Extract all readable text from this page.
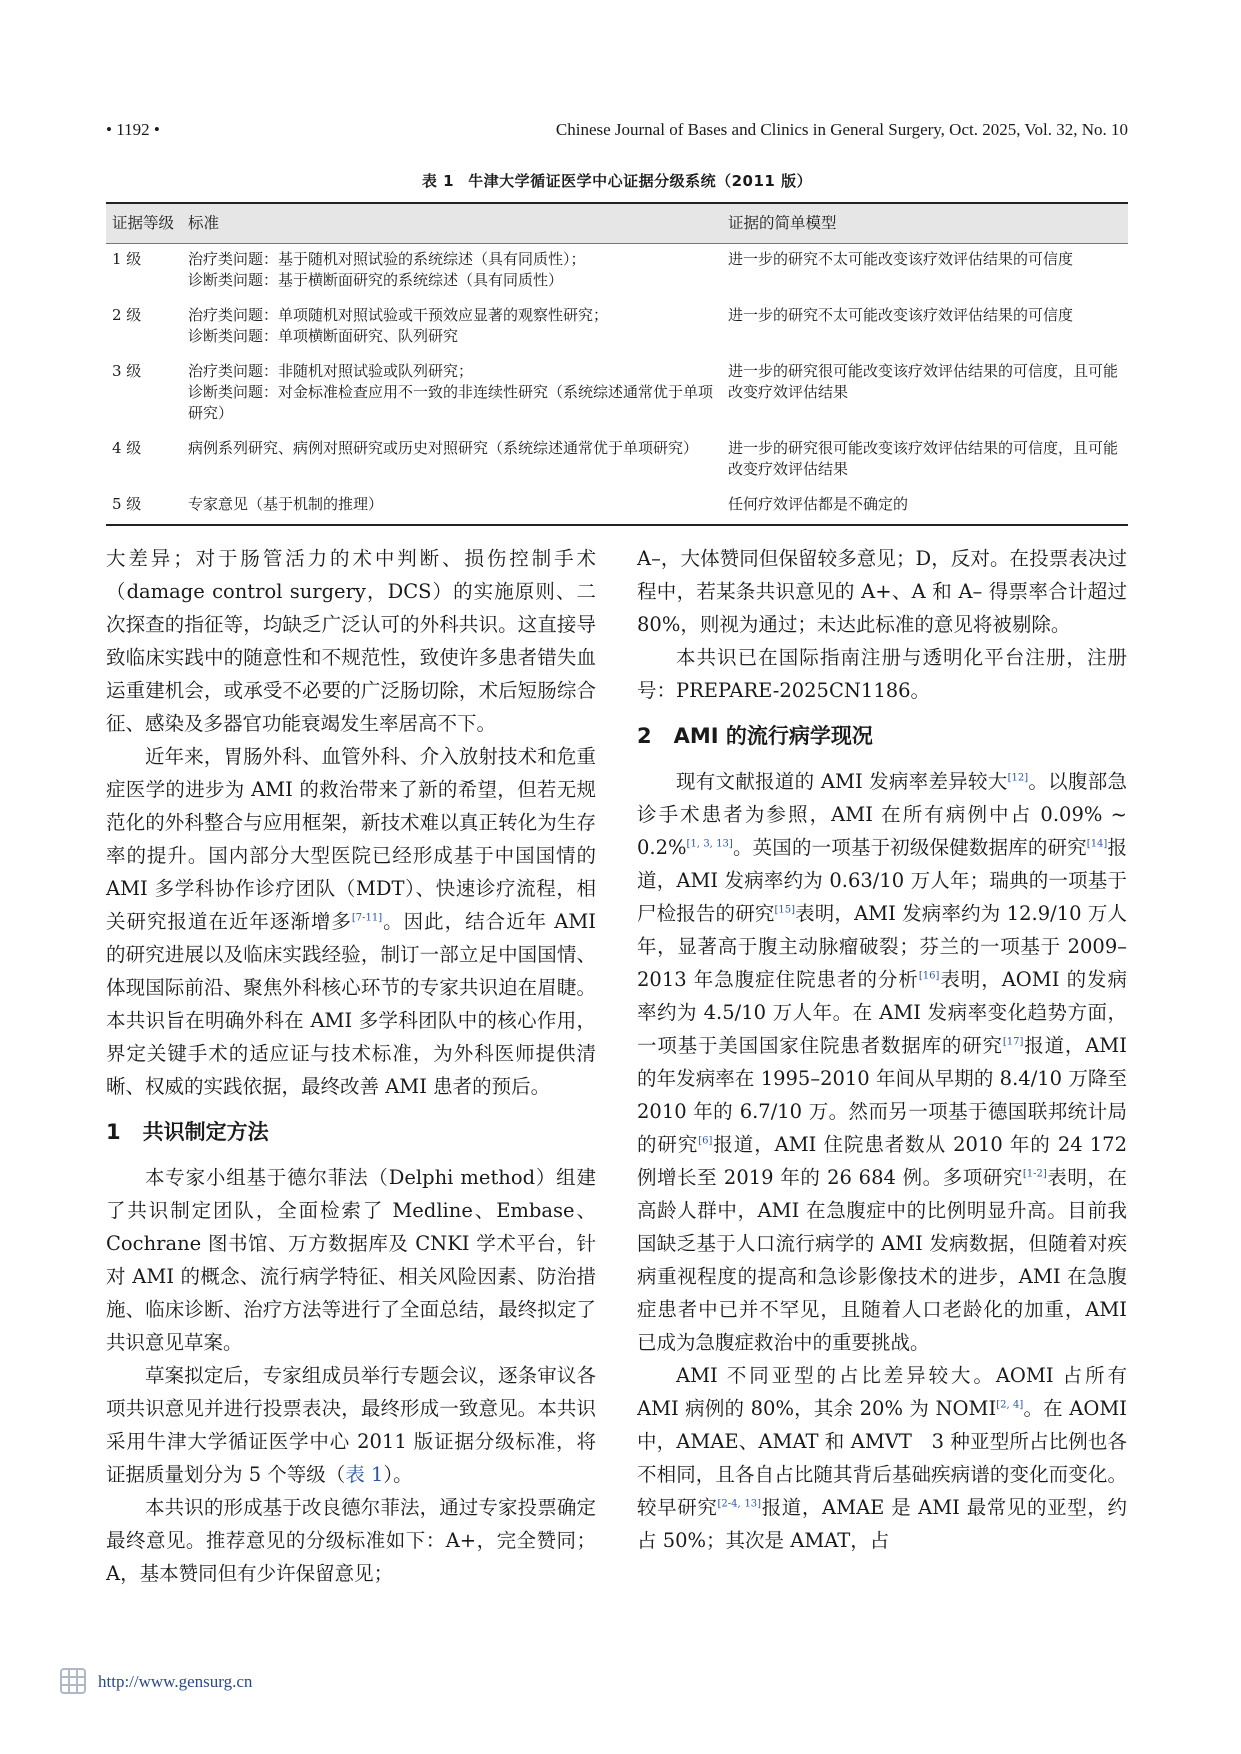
• 1192 •	Chinese Journal of Bases and Clinics in General Surgery, Oct. 2025, Vol. 32, No. 10
表 1 牛津大学循证医学中心证据分级系统（2011 版）
证据等级	标准	证据的简单模型
1 级	治疗类问题：基于随机对照试验的系统综述（具有同质性）；
诊断类问题：基于横断面研究的系统综述（具有同质性）	进一步的研究不太可能改变该疗效评估结果的可信度
2 级	治疗类问题：单项随机对照试验或干预效应显著的观察性研究；
诊断类问题：单项横断面研究、队列研究	进一步的研究不太可能改变该疗效评估结果的可信度
3 级	治疗类问题：非随机对照试验或队列研究；
诊断类问题：对金标准检查应用不一致的非连续性研究（系统综述通常优于单项研究）	进一步的研究很可能改变该疗效评估结果的可信度，且可能改变疗效评估结果
4 级	病例系列研究、病例对照研究或历史对照研究（系统综述通常优于单项研究）	进一步的研究很可能改变该疗效评估结果的可信度，且可能改变疗效评估结果
5 级	专家意见（基于机制的推理）	任何疗效评估都是不确定的

大差异；对于肠管活力的术中判断、损伤控制手术（damage control surgery，DCS）的实施原则、二次探查的指征等，均缺乏广泛认可的外科共识。这直接导致临床实践中的随意性和不规范性，致使许多患者错失血运重建机会，或承受不必要的广泛肠切除，术后短肠综合征、感染及多器官功能衰竭发生率居高不下。

近年来，胃肠外科、血管外科、介入放射技术和危重症医学的进步为 AMI 的救治带来了新的希望，但若无规范化的外科整合与应用框架，新技术难以真正转化为生存率的提升。国内部分大型医院已经形成基于中国国情的 AMI 多学科协作诊疗团队（MDT）、快速诊疗流程，相关研究报道在近年逐渐增多[7-11]。因此，结合近年 AMI 的研究进展以及临床实践经验，制订一部立足中国国情、体现国际前沿、聚焦外科核心环节的专家共识迫在眉睫。本共识旨在明确外科在 AMI 多学科团队中的核心作用，界定关键手术的适应证与技术标准，为外科医师提供清晰、权威的实践依据，最终改善 AMI 患者的预后。

1 共识制定方法

本专家小组基于德尔菲法（Delphi method）组建了共识制定团队，全面检索了 Medline、Embase、Cochrane 图书馆、万方数据库及 CNKI 学术平台，针对 AMI 的概念、流行病学特征、相关风险因素、防治措施、临床诊断、治疗方法等进行了全面总结，最终拟定了共识意见草案。

草案拟定后，专家组成员举行专题会议，逐条审议各项共识意见并进行投票表决，最终形成一致意见。本共识采用牛津大学循证医学中心 2011 版证据分级标准，将证据质量划分为 5 个等级（表 1）。

本共识的形成基于改良德尔菲法，通过专家投票确定最终意见。推荐意见的分级标准如下：A+，完全赞同；A，基本赞同但有少许保留意见；

A–，大体赞同但保留较多意见；D，反对。在投票表决过程中，若某条共识意见的 A+、A 和 A– 得票率合计超过 80%，则视为通过；未达此标准的意见将被剔除。

本共识已在国际指南注册与透明化平台注册，注册号：PREPARE-2025CN1186。

2 AMI 的流行病学现况

现有文献报道的 AMI 发病率差异较大[12]。以腹部急诊手术患者为参照，AMI 在所有病例中占 0.09% ~ 0.2%[1, 3, 13]。英国的一项基于初级保健数据库的研究[14]报道，AMI 发病率约为 0.63/10 万人年；瑞典的一项基于尸检报告的研究[15]表明，AMI 发病率约为 12.9/10 万人年，显著高于腹主动脉瘤破裂；芬兰的一项基于 2009–2013 年急腹症住院患者的分析[16]表明，AOMI 的发病率约为 4.5/10 万人年。在 AMI 发病率变化趋势方面，一项基于美国国家住院患者数据库的研究[17]报道，AMI 的年发病率在 1995–2010 年间从早期的 8.4/10 万降至 2010 年的 6.7/10 万。然而另一项基于德国联邦统计局的研究[6]报道，AMI 住院患者数从 2010 年的 24 172 例增长至 2019 年的 26 684 例。多项研究[1-2]表明，在高龄人群中，AMI 在急腹症中的比例明显升高。目前我国缺乏基于人口流行病学的 AMI 发病数据，但随着对疾病重视程度的提高和急诊影像技术的进步，AMI 在急腹症患者中已并不罕见，且随着人口老龄化的加重，AMI 已成为急腹症救治中的重要挑战。

AMI 不同亚型的占比差异较大。AOMI 占所有 AMI 病例的 80%，其余 20% 为 NOMI[2, 4]。在 AOMI 中，AMAE、AMAT 和 AMVT　3 种亚型所占比例也各不相同，且各自占比随其背后基础疾病谱的变化而变化。较早研究[2-4, 13]报道，AMAE 是 AMI 最常见的亚型，约占 50%；其次是 AMAT，占

http://www.gensurg.cn
